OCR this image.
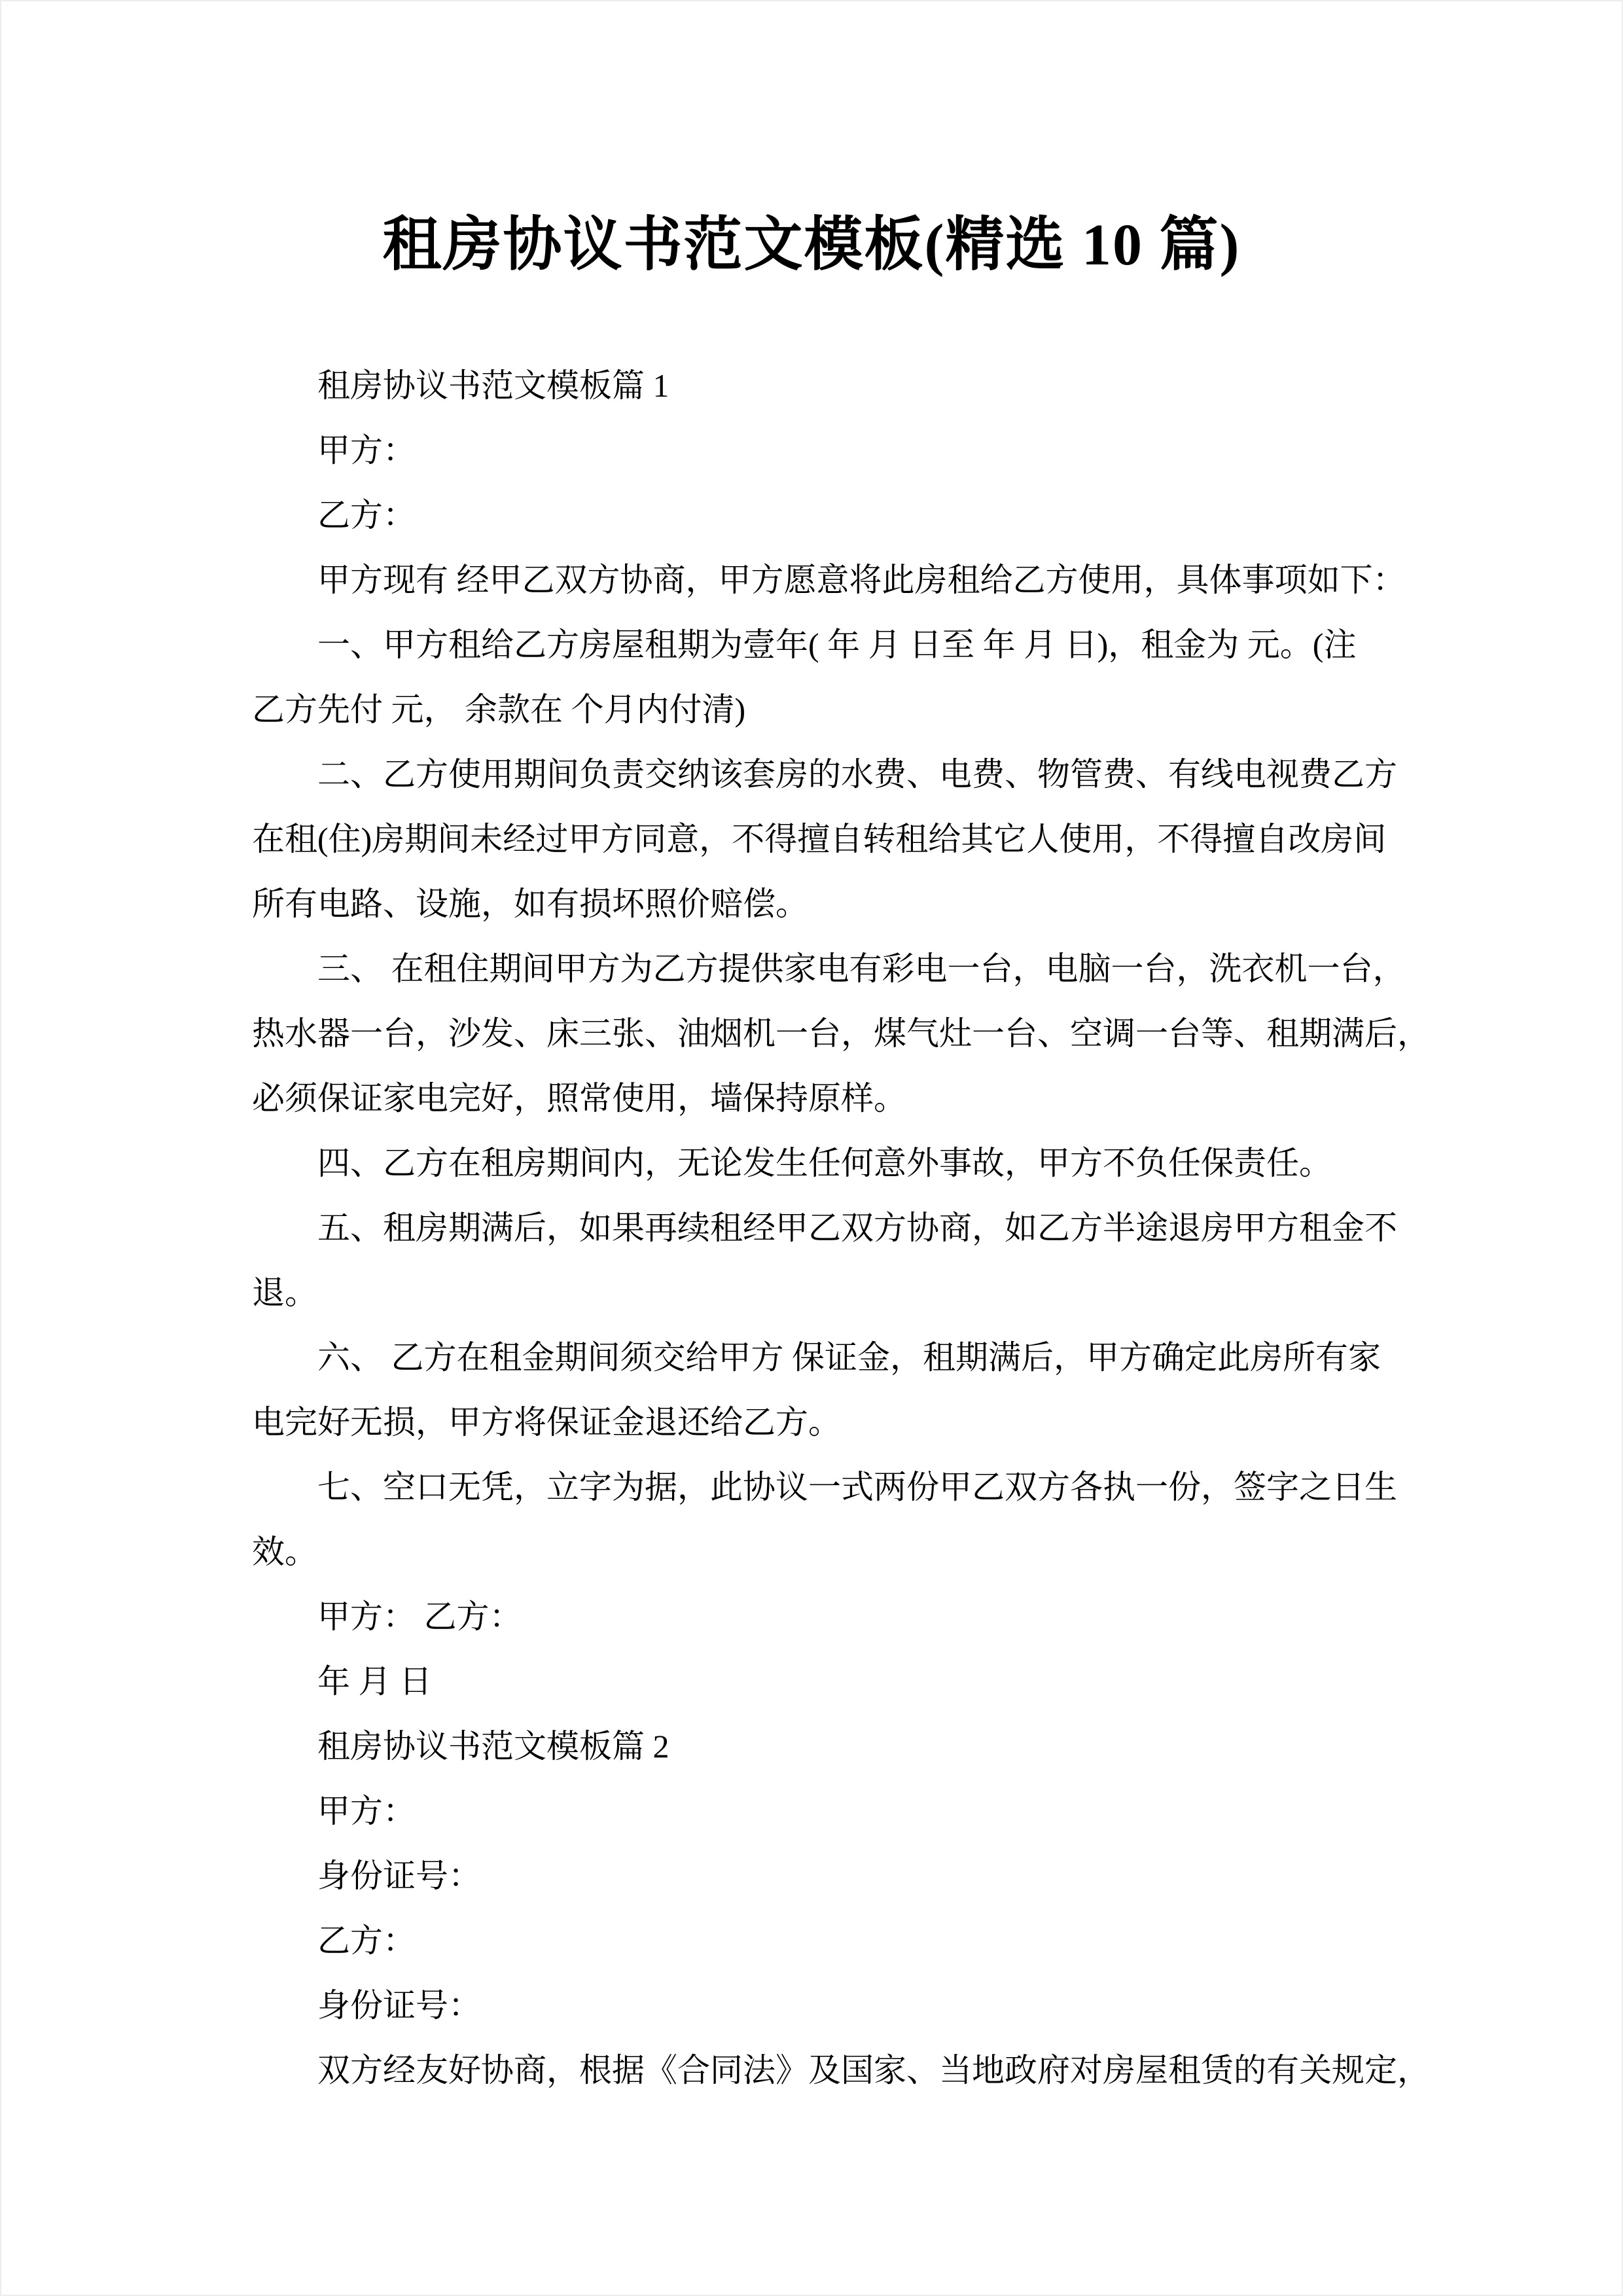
租房协议书范文模板(精选 10 篇)
租房协议书范文模板篇 1
甲方：
乙方：
甲方现有 经甲乙双方协商，甲方愿意将此房租给乙方使用，具体事项如下：
一、甲方租给乙方房屋租期为壹年( 年 月 日至 年 月 日)，租金为 元。(注
乙方先付 元， 余款在 个月内付清)
二、乙方使用期间负责交纳该套房的水费、电费、物管费、有线电视费乙方
在租(住)房期间未经过甲方同意，不得擅自转租给其它人使用，不得擅自改房间
所有电路、设施，如有损坏照价赔偿。
三、 在租住期间甲方为乙方提供家电有彩电一台，电脑一台，洗衣机一台，
热水器一台，沙发、床三张、油烟机一台，煤气灶一台、空调一台等、租期满后，
必须保证家电完好，照常使用，墙保持原样。
四、乙方在租房期间内，无论发生任何意外事故，甲方不负任保责任。
五、租房期满后，如果再续租经甲乙双方协商，如乙方半途退房甲方租金不
退。
六、 乙方在租金期间须交给甲方 保证金，租期满后，甲方确定此房所有家
电完好无损，甲方将保证金退还给乙方。
七、空口无凭，立字为据，此协议一式两份甲乙双方各执一份，签字之日生
效。
甲方： 乙方：
年 月 日
租房协议书范文模板篇 2
甲方：
身份证号：
乙方：
身份证号：
双方经友好协商，根据《合同法》及国家、当地政府对房屋租赁的有关规定，
